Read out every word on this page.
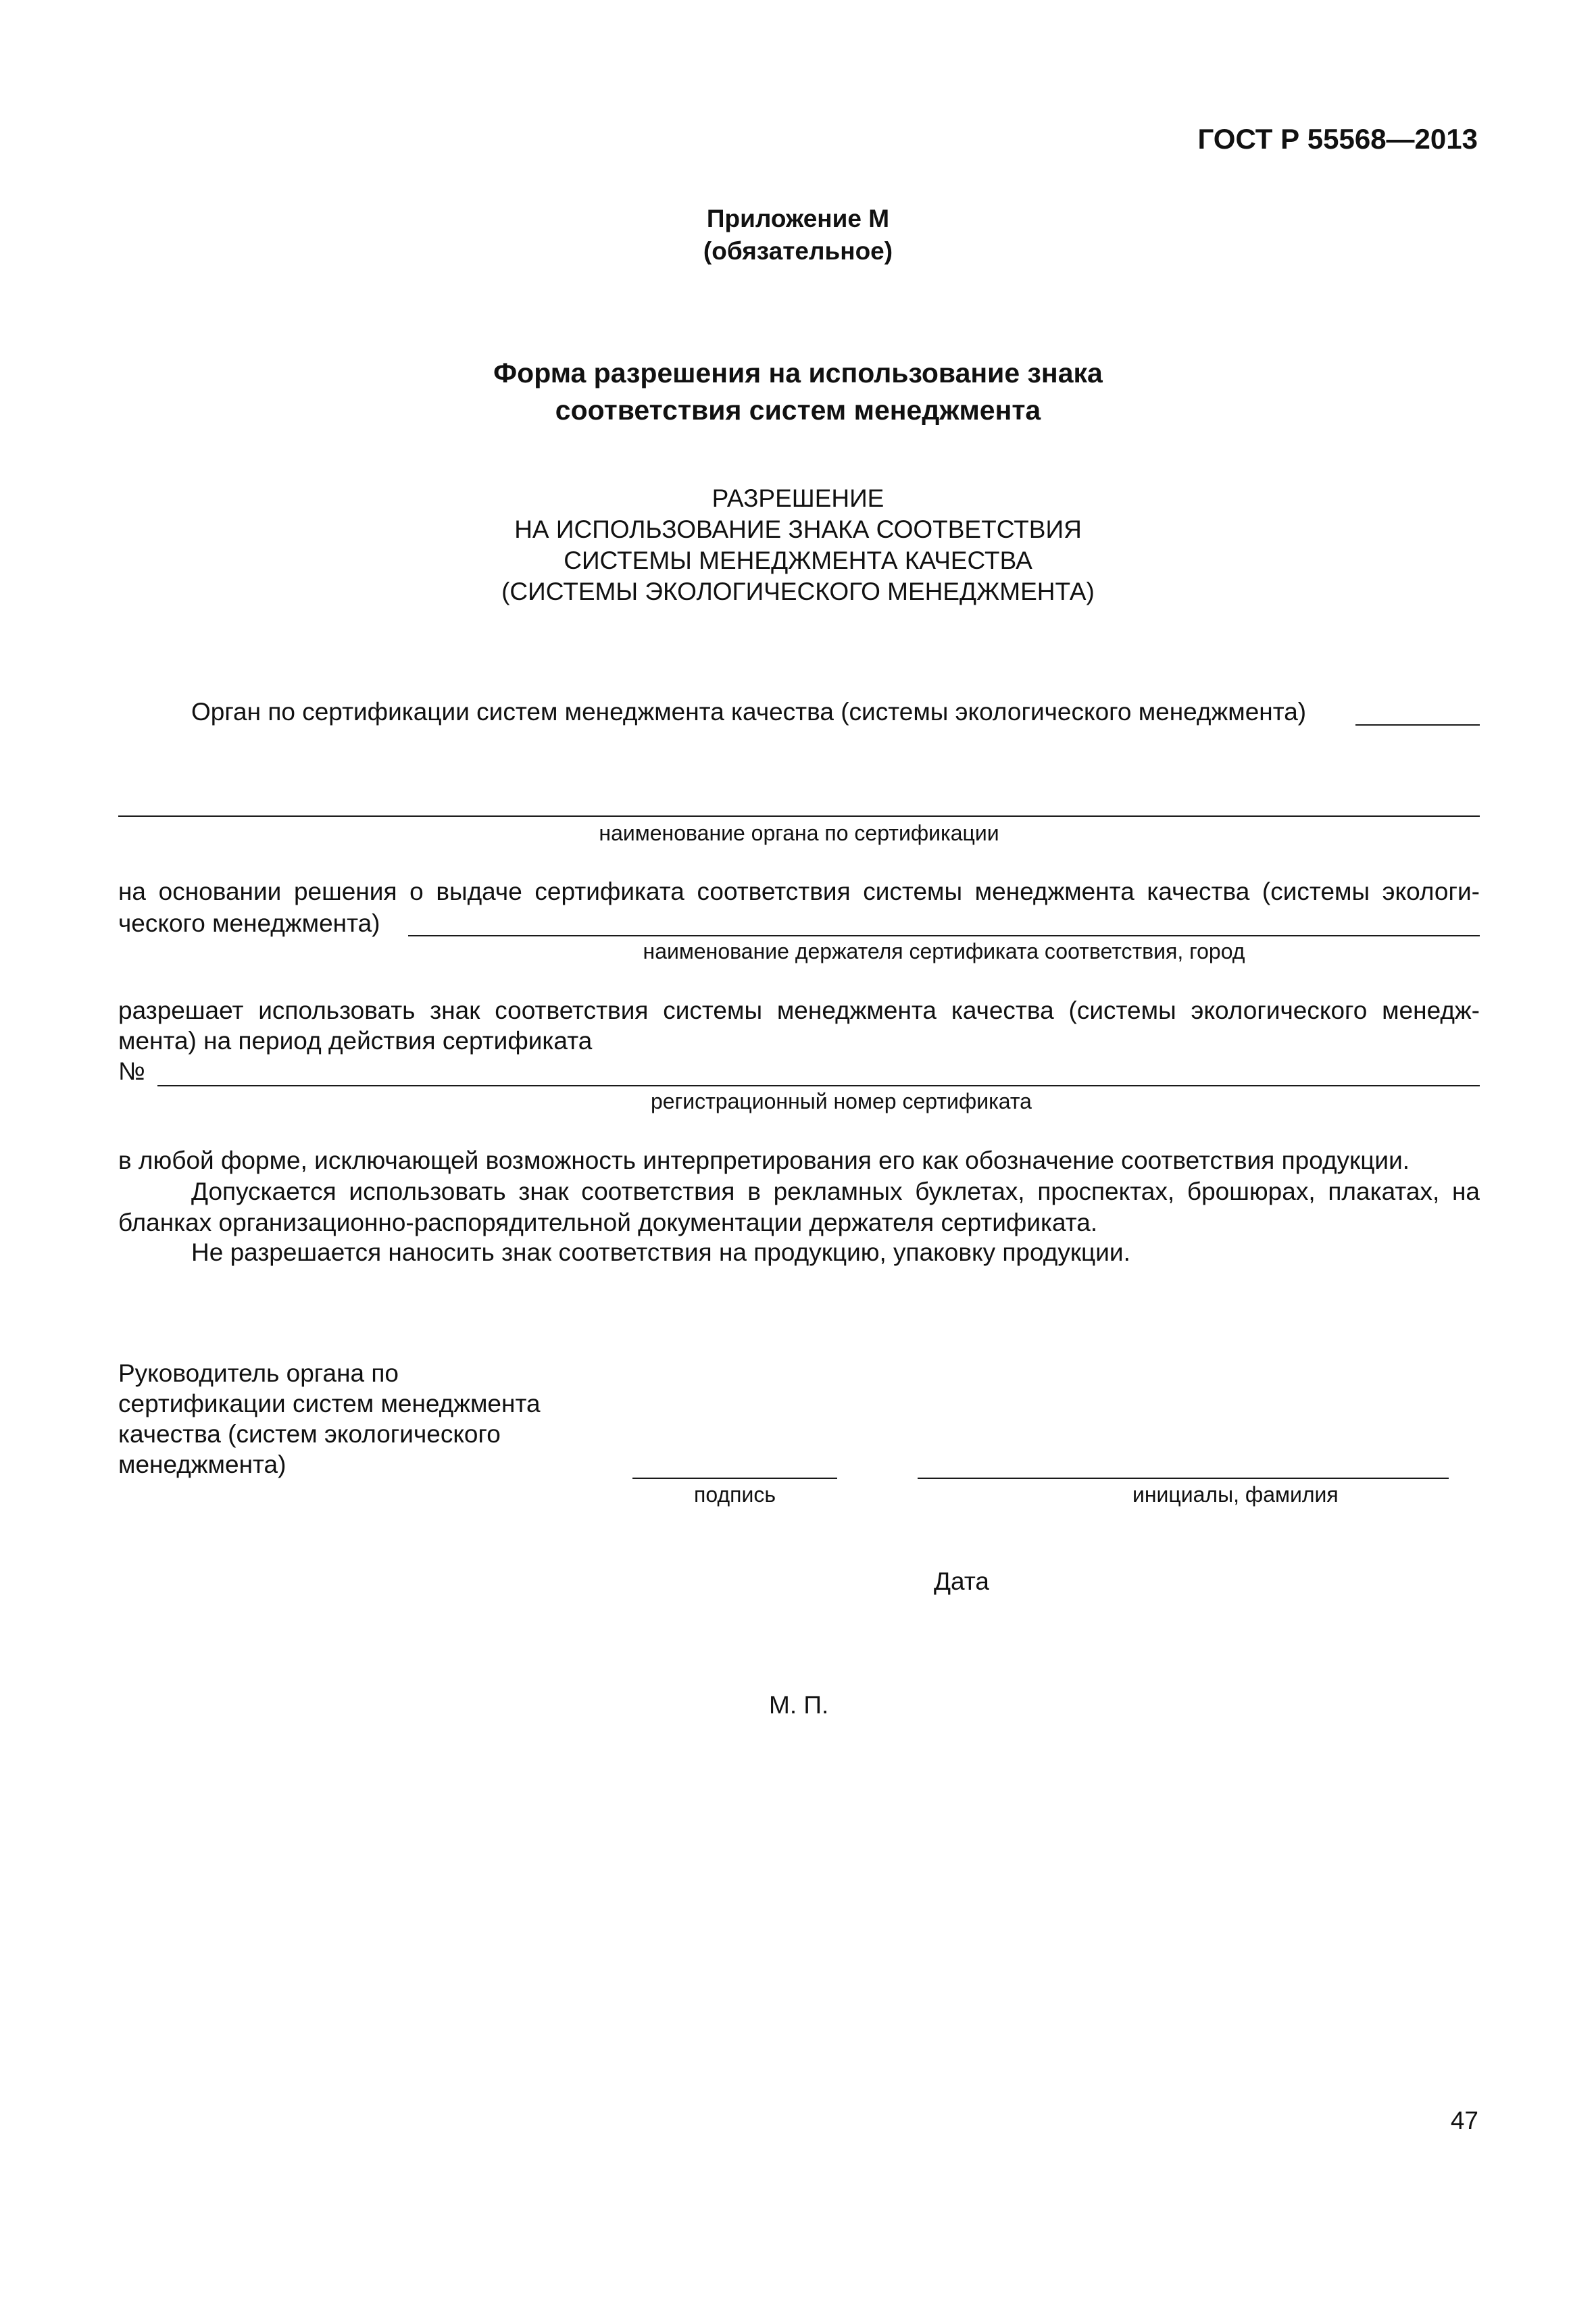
ГОСТ Р 55568—2013
Приложение М
(обязательное)
Форма разрешения на использование знака
соответствия систем менеджмента
РАЗРЕШЕНИЕ
НА ИСПОЛЬЗОВАНИЕ ЗНАКА СООТВЕТСТВИЯ
СИСТЕМЫ МЕНЕДЖМЕНТА КАЧЕСТВА
(СИСТЕМЫ ЭКОЛОГИЧЕСКОГО МЕНЕДЖМЕНТА)
Орган по сертификации систем менеджмента качества (системы экологического менеджмента)
наименование органа по сертификации
на основании решения о выдаче сертификата соответствия системы менеджмента качества (системы экологи-
ческого менеджмента)
наименование держателя сертификата соответствия, город
разрешает использовать знак соответствия системы менеджмента качества (системы экологического менедж-
мента) на период действия сертификата
№
регистрационный номер сертификата
в любой форме, исключающей возможность интерпретирования его как обозначение соответствия продукции.
Допускается использовать знак соответствия в рекламных буклетах, проспектах, брошюрах, плакатах, на
бланках организационно-распорядительной документации держателя сертификата.
Не разрешается наносить знак соответствия на продукцию, упаковку продукции.
Руководитель органа по
сертификации систем менеджмента
качества (систем экологического
менеджмента)
подпись	инициалы, фамилия
Дата
М. П.
47
